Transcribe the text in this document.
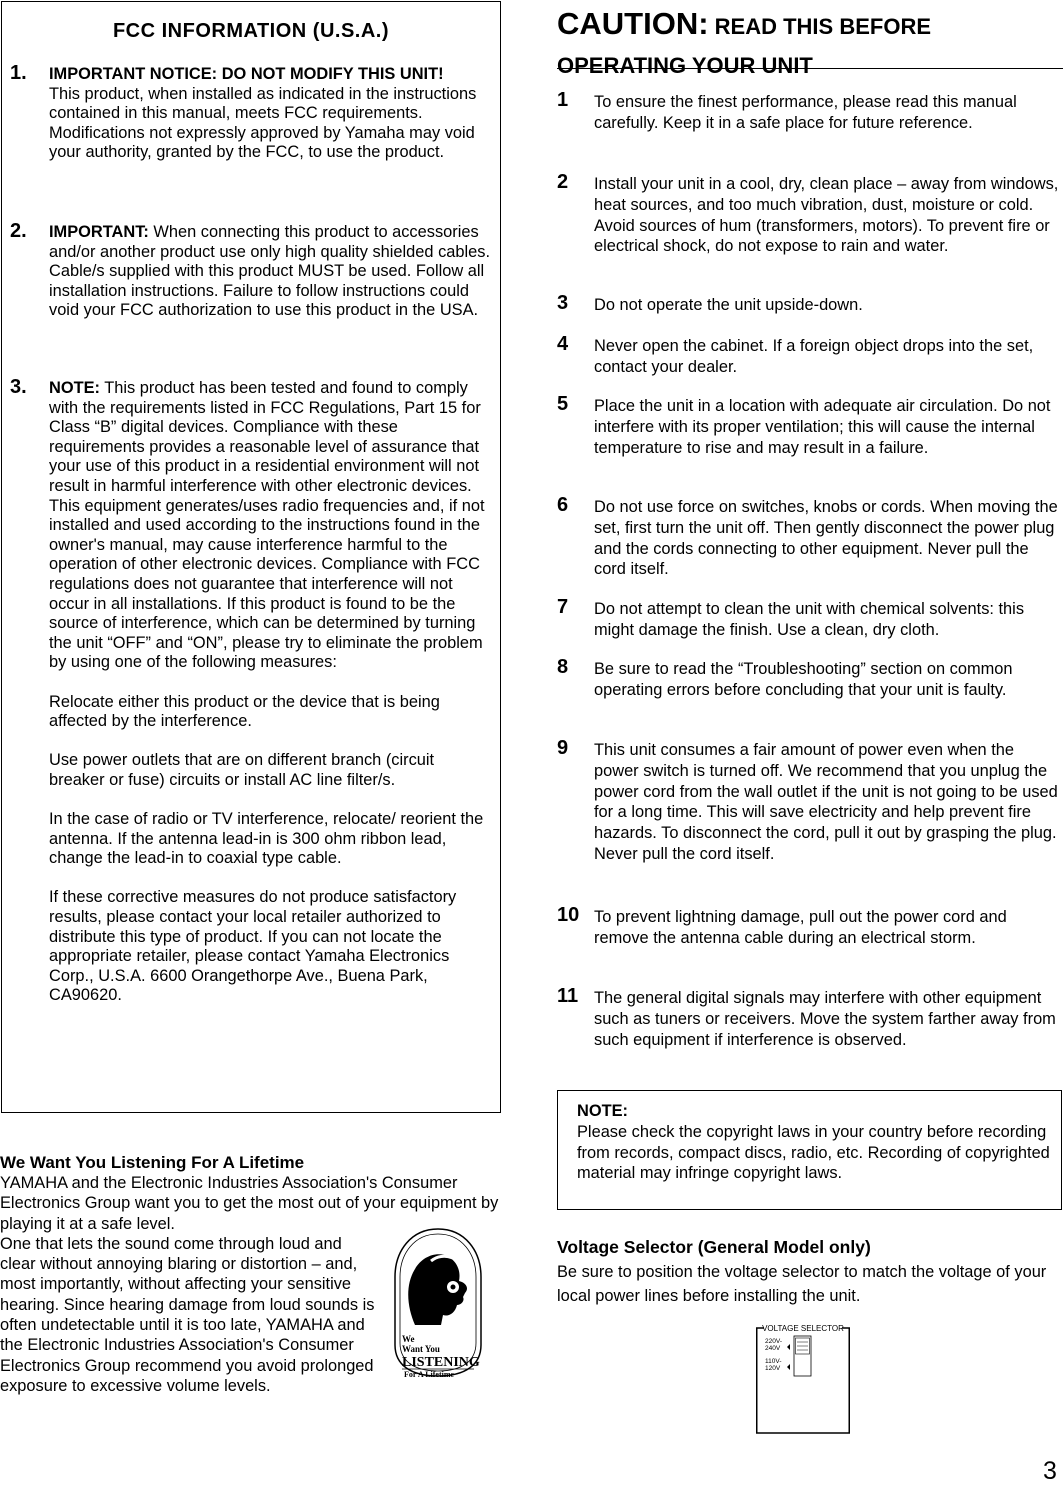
FCC INFORMATION (U.S.A.)
1. IMPORTANT NOTICE: DO NOT MODIFY THIS UNIT!
This product, when installed as indicated in the instructions contained in this manual, meets FCC requirements. Modifications not expressly approved by Yamaha may void your authority, granted by the FCC, to use the product.
2. IMPORTANT: When connecting this product to accessories and/or another product use only high quality shielded cables. Cable/s supplied with this product MUST be used. Follow all installation instructions. Failure to follow instructions could void your FCC authorization to use this product in the USA.
3. NOTE: This product has been tested and found to comply with the requirements listed in FCC Regulations, Part 15 for Class “B” digital devices. Compliance with these requirements provides a reasonable level of assurance that your use of this product in a residential environment will not result in harmful interference with other electronic devices. This equipment generates/uses radio frequencies and, if not installed and used according to the instructions found in the owner's manual, may cause interference harmful to the operation of other electronic devices. Compliance with FCC regulations does not guarantee that interference will not occur in all installations. If this product is found to be the source of interference, which can be determined by turning the unit “OFF” and “ON”, please try to eliminate the problem by using one of the following measures:

Relocate either this product or the device that is being affected by the interference.

Use power outlets that are on different branch (circuit breaker or fuse) circuits or install AC line filter/s.

In the case of radio or TV interference, relocate/ reorient the antenna. If the antenna lead-in is 300 ohm ribbon lead, change the lead-in to coaxial type cable.

If these corrective measures do not produce satisfactory results, please contact your local retailer authorized to distribute this type of product. If you can not locate the appropriate retailer, please contact Yamaha Electronics Corp., U.S.A. 6600 Orangethorpe Ave., Buena Park, CA90620.

We Want You Listening For A Lifetime
YAMAHA and the Electronic Industries Association's Consumer Electronics Group want you to get the most out of your equipment by playing it at a safe level.
One that lets the sound come through loud and clear without annoying blaring or distortion – and, most importantly, without affecting your sensitive hearing. Since hearing damage from loud sounds is often undetectable until it is too late, YAMAHA and the Electronic Industries Association's Consumer Electronics Group recommend you avoid prolonged exposure to excessive volume levels.
We
Want You
LISTENING
For A Lifetime
CAUTION: READ THIS BEFORE
OPERATING YOUR UNIT
1 To ensure the finest performance, please read this manual carefully. Keep it in a safe place for future reference.
2 Install your unit in a cool, dry, clean place – away from windows, heat sources, and too much vibration, dust, moisture or cold. Avoid sources of hum (transformers, motors). To prevent fire or electrical shock, do not expose to rain and water.
3 Do not operate the unit upside-down.
4 Never open the cabinet. If a foreign object drops into the set, contact your dealer.
5 Place the unit in a location with adequate air circulation. Do not interfere with its proper ventilation; this will cause the internal temperature to rise and may result in a failure.
6 Do not use force on switches, knobs or cords. When moving the set, first turn the unit off. Then gently disconnect the power plug and the cords connecting to other equipment. Never pull the cord itself.
7 Do not attempt to clean the unit with chemical solvents: this might damage the finish. Use a clean, dry cloth.
8 Be sure to read the “Troubleshooting” section on common operating errors before concluding that your unit is faulty.
9 This unit consumes a fair amount of power even when the power switch is turned off. We recommend that you unplug the power cord from the wall outlet if the unit is not going to be used for a long time. This will save electricity and help prevent fire hazards. To disconnect the cord, pull it out by grasping the plug. Never pull the cord itself.
10 To prevent lightning damage, pull out the power cord and remove the antenna cable during an electrical storm.
11 The general digital signals may interfere with other equipment such as tuners or receivers. Move the system farther away from such equipment if interference is observed.
NOTE:
Please check the copyright laws in your country before recording from records, compact discs, radio, etc. Recording of copyrighted material may infringe copyright laws.
Voltage Selector (General Model only)
Be sure to position the voltage selector to match the voltage of your local power lines before installing the unit.
VOLTAGE SELECTOR
220V-
240V
110V-
120V
3
